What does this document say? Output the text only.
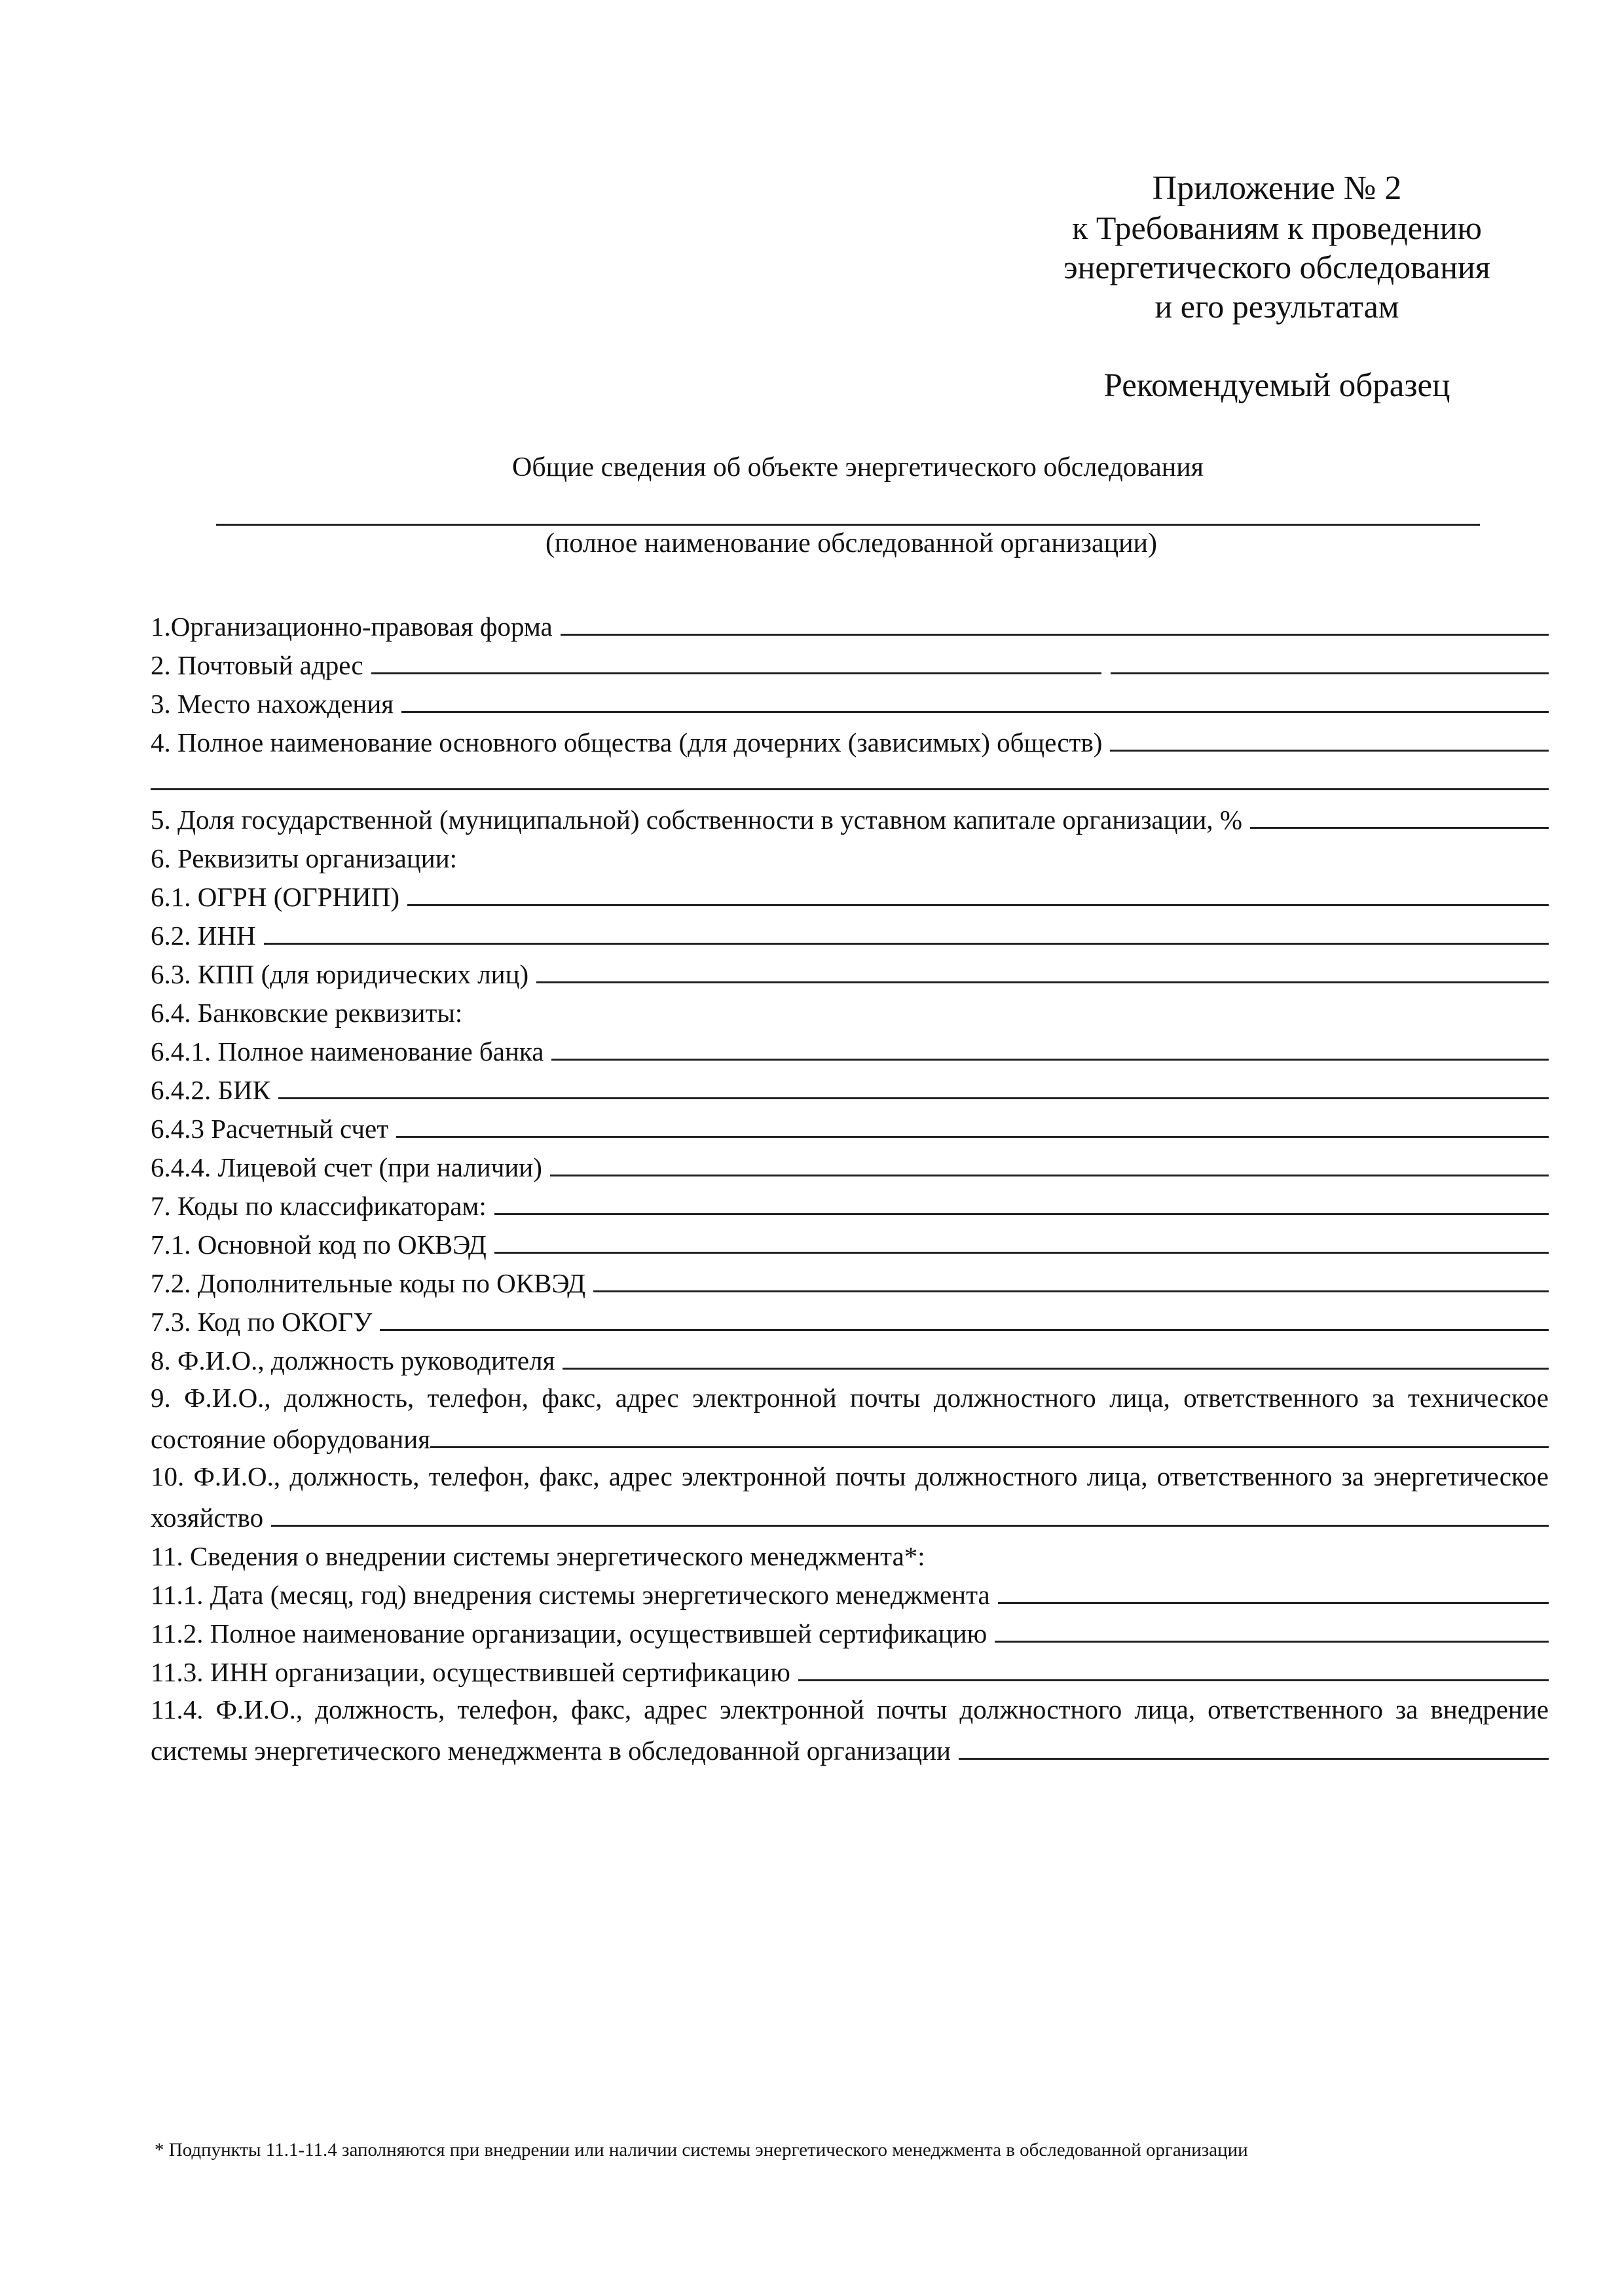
Приложение № 2
к Требованиям к проведению
энергетического обследования
и его результатам
Рекомендуемый образец
Общие сведения об объекте энергетического обследования
(полное наименование обследованной организации)
1.Организационно-правовая форма
2. Почтовый адрес
3. Место нахождения
4. Полное наименование основного общества (для дочерних (зависимых) обществ)
5. Доля государственной (муниципальной) собственности в уставном капитале организации, %
6. Реквизиты организации:
6.1. ОГРН (ОГРНИП)
6.2. ИНН
6.3. КПП (для юридических лиц)
6.4. Банковские реквизиты:
6.4.1. Полное наименование банка
6.4.2. БИК
6.4.3 Расчетный счет
6.4.4. Лицевой счет (при наличии)
7. Коды по классификаторам:
7.1. Основной код по ОКВЭД
7.2. Дополнительные коды по ОКВЭД
7.3. Код по ОКОГУ
8. Ф.И.О., должность руководителя
9. Ф.И.О., должность, телефон, факс, адрес электронной почты должностного лица, ответственного за техническое
состояние оборудования
10. Ф.И.О., должность, телефон, факс, адрес электронной почты должностного лица, ответственного за энергетическое
хозяйство
11. Сведения о внедрении системы энергетического менеджмента*:
11.1. Дата (месяц, год) внедрения системы энергетического менеджмента
11.2. Полное наименование организации, осуществившей сертификацию
11.3. ИНН организации, осуществившей сертификацию
11.4. Ф.И.О., должность, телефон, факс, адрес электронной почты должностного лица, ответственного за внедрение
системы энергетического менеджмента в обследованной организации
* Подпункты 11.1-11.4 заполняются при внедрении или наличии системы энергетического менеджмента в обследованной организации
